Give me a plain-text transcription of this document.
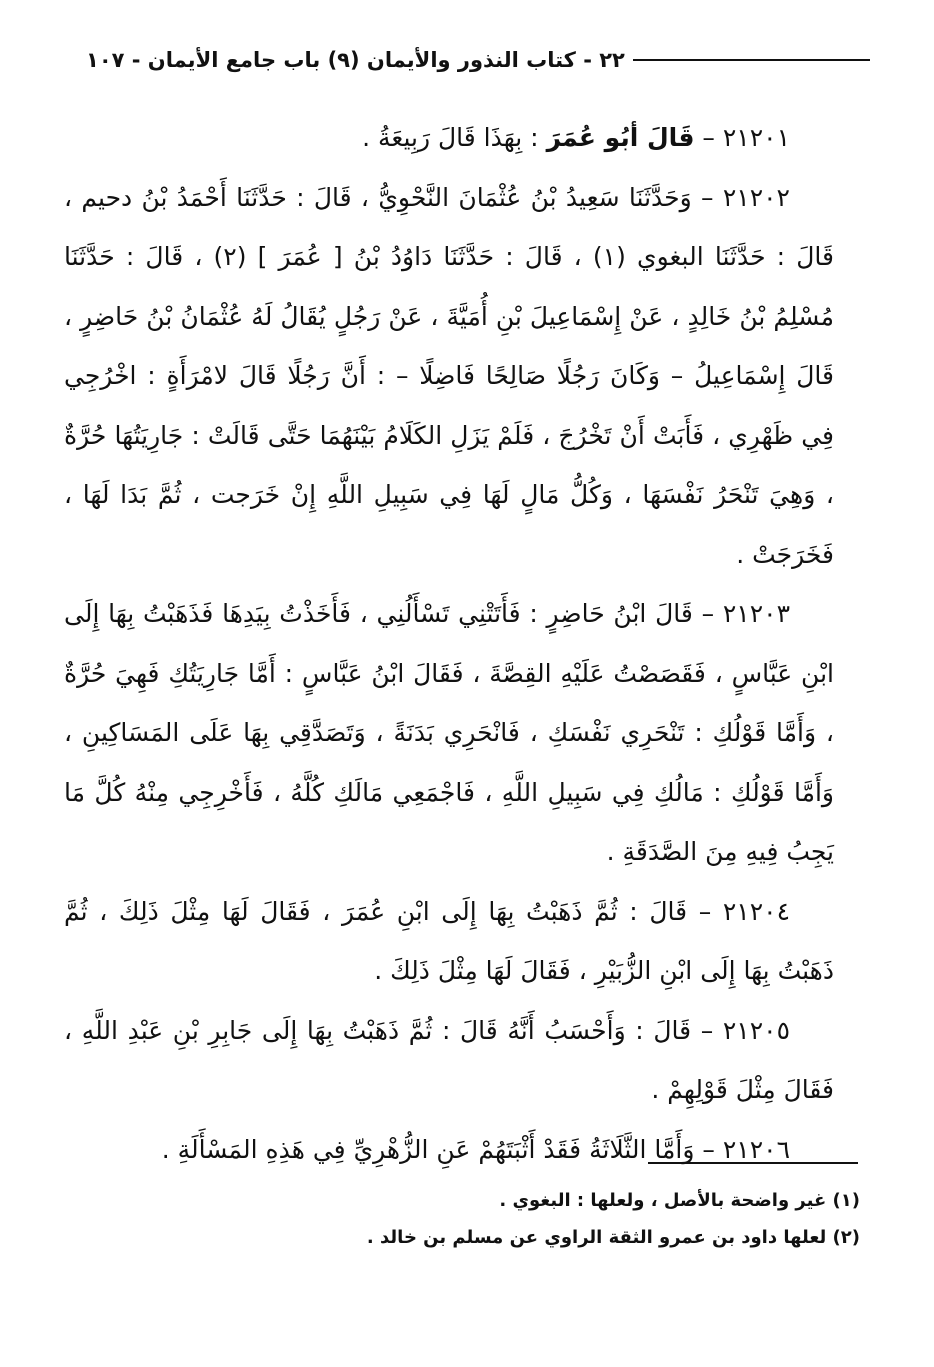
٢٢ - كتاب النذور والأيمان (٩) باب جامع الأيمان - ١٠٧

٢١٢٠١ – قَالَ أبُو عُمَرَ : بِهَذَا قَالَ رَبِيعَةُ .

٢١٢٠٢ – وَحَدَّثَنَا سَعِيدُ بْنُ عُثْمَانَ النَّحْوِيُّ ، قَالَ : حَدَّثَنَا أَحْمَدُ بْنُ دحيم ، قَالَ : حَدَّثَنَا البغوي (١) ، قَالَ : حَدَّثَنَا دَاوُدُ بْنُ [ عُمَرَ ] (٢) ، قَالَ : حَدَّثَنَا مُسْلِمُ بْنُ خَالِدٍ ، عَنْ إِسْمَاعِيلَ بْنِ أُمَيَّةَ ، عَنْ رَجُلٍ يُقَالُ لَهُ عُثْمَانُ بْنُ حَاضِرٍ ، قَالَ إِسْمَاعِيلُ – وَكَانَ رَجُلًا صَالِحًا فَاضِلًا – : أَنَّ رَجُلًا قَالَ لامْرَأَةٍ : اخْرُجِي فِي ظَهْرِي ، فَأَبَتْ أَنْ تَخْرُجَ ، فَلَمْ يَزَلِ الكَلَامُ بَيْنَهُمَا حَتَّى قَالَتْ : جَارِيَتُهَا حُرَّةٌ ، وَهِيَ تَنْحَرُ نَفْسَهَا ، وَكُلُّ مَالٍ لَهَا فِي سَبِيلِ اللَّهِ إِنْ خَرَجت ، ثُمَّ بَدَا لَهَا ، فَخَرَجَتْ .

٢١٢٠٣ – قَالَ ابْنُ حَاضِرٍ : فَأَتَتْنِي تَسْأَلُنِي ، فَأَخَذْتُ بِيَدِهَا فَذَهَبْتُ بِهَا إِلَى ابْنِ عَبَّاسٍ ، فَقَصَصْتُ عَلَيْهِ القِصَّةَ ، فَقَالَ ابْنُ عَبَّاسٍ : أَمَّا جَارِيَتُكِ فَهِيَ حُرَّةٌ ، وَأَمَّا قَوْلُكِ : تَنْحَرِي نَفْسَكِ ، فَانْحَرِي بَدَنَةً ، وَتَصَدَّقِي بِهَا عَلَى المَسَاكِينِ ، وَأَمَّا قَوْلُكِ : مَالُكِ فِي سَبِيلِ اللَّهِ ، فَاجْمَعِي مَالَكِ كُلَّهُ ، فَأَخْرِجِي مِنْهُ كُلَّ مَا يَجِبُ فِيهِ مِنَ الصَّدَقَةِ .

٢١٢٠٤ – قَالَ : ثُمَّ ذَهَبْتُ بِهَا إِلَى ابْنِ عُمَرَ ، فَقَالَ لَهَا مِثْلَ ذَلِكَ ، ثُمَّ ذَهَبْتُ بِهَا إِلَى ابْنِ الزُّبَيْرِ ، فَقَالَ لَهَا مِثْلَ ذَلِكَ .

٢١٢٠٥ – قَالَ : وَأَحْسَبُ أَنَّهُ قَالَ : ثُمَّ ذَهَبْتُ بِهَا إِلَى جَابِرِ بْنِ عَبْدِ اللَّهِ ، فَقَالَ مِثْلَ قَوْلِهِمْ .

٢١٢٠٦ – وَأَمَّا الثَّلَاثَةُ فَقَدْ أَثْبَتَهُمْ عَنِ الزُّهْرِيِّ فِي هَذِهِ المَسْأَلَةِ .

(١) غير واضحة بالأصل ، ولعلها : البغوي .

(٢) لعلها داود بن عمرو الثقة الراوي عن مسلم بن خالد .
